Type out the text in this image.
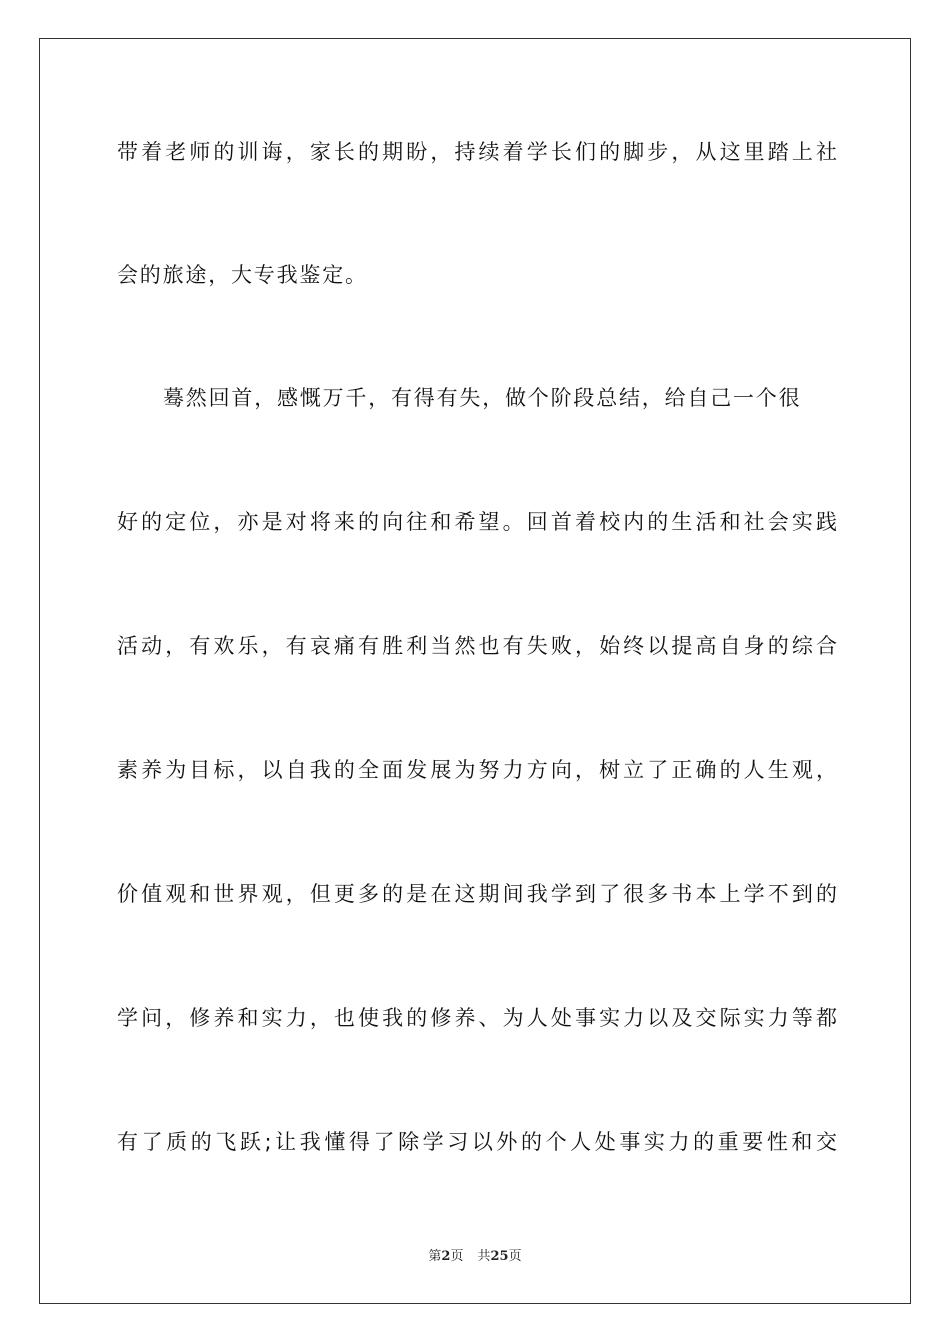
带着老师的训诲，家长的期盼，持续着学长们的脚步，从这里踏上社
会的旅途，大专我鉴定。
蓦然回首，感慨万千，有得有失，做个阶段总结，给自己一个很
好的定位，亦是对将来的向往和希望。回首着校内的生活和社会实践
活动，有欢乐，有哀痛有胜利当然也有失败，始终以提高自身的综合
素养为目标，以自我的全面发展为努力方向，树立了正确的人生观，
价值观和世界观，但更多的是在这期间我学到了很多书本上学不到的
学问，修养和实力，也使我的修养、为人处事实力以及交际实力等都
有了质的飞跃;让我懂得了除学习以外的个人处事实力的重要性和交
第2页 共25页
